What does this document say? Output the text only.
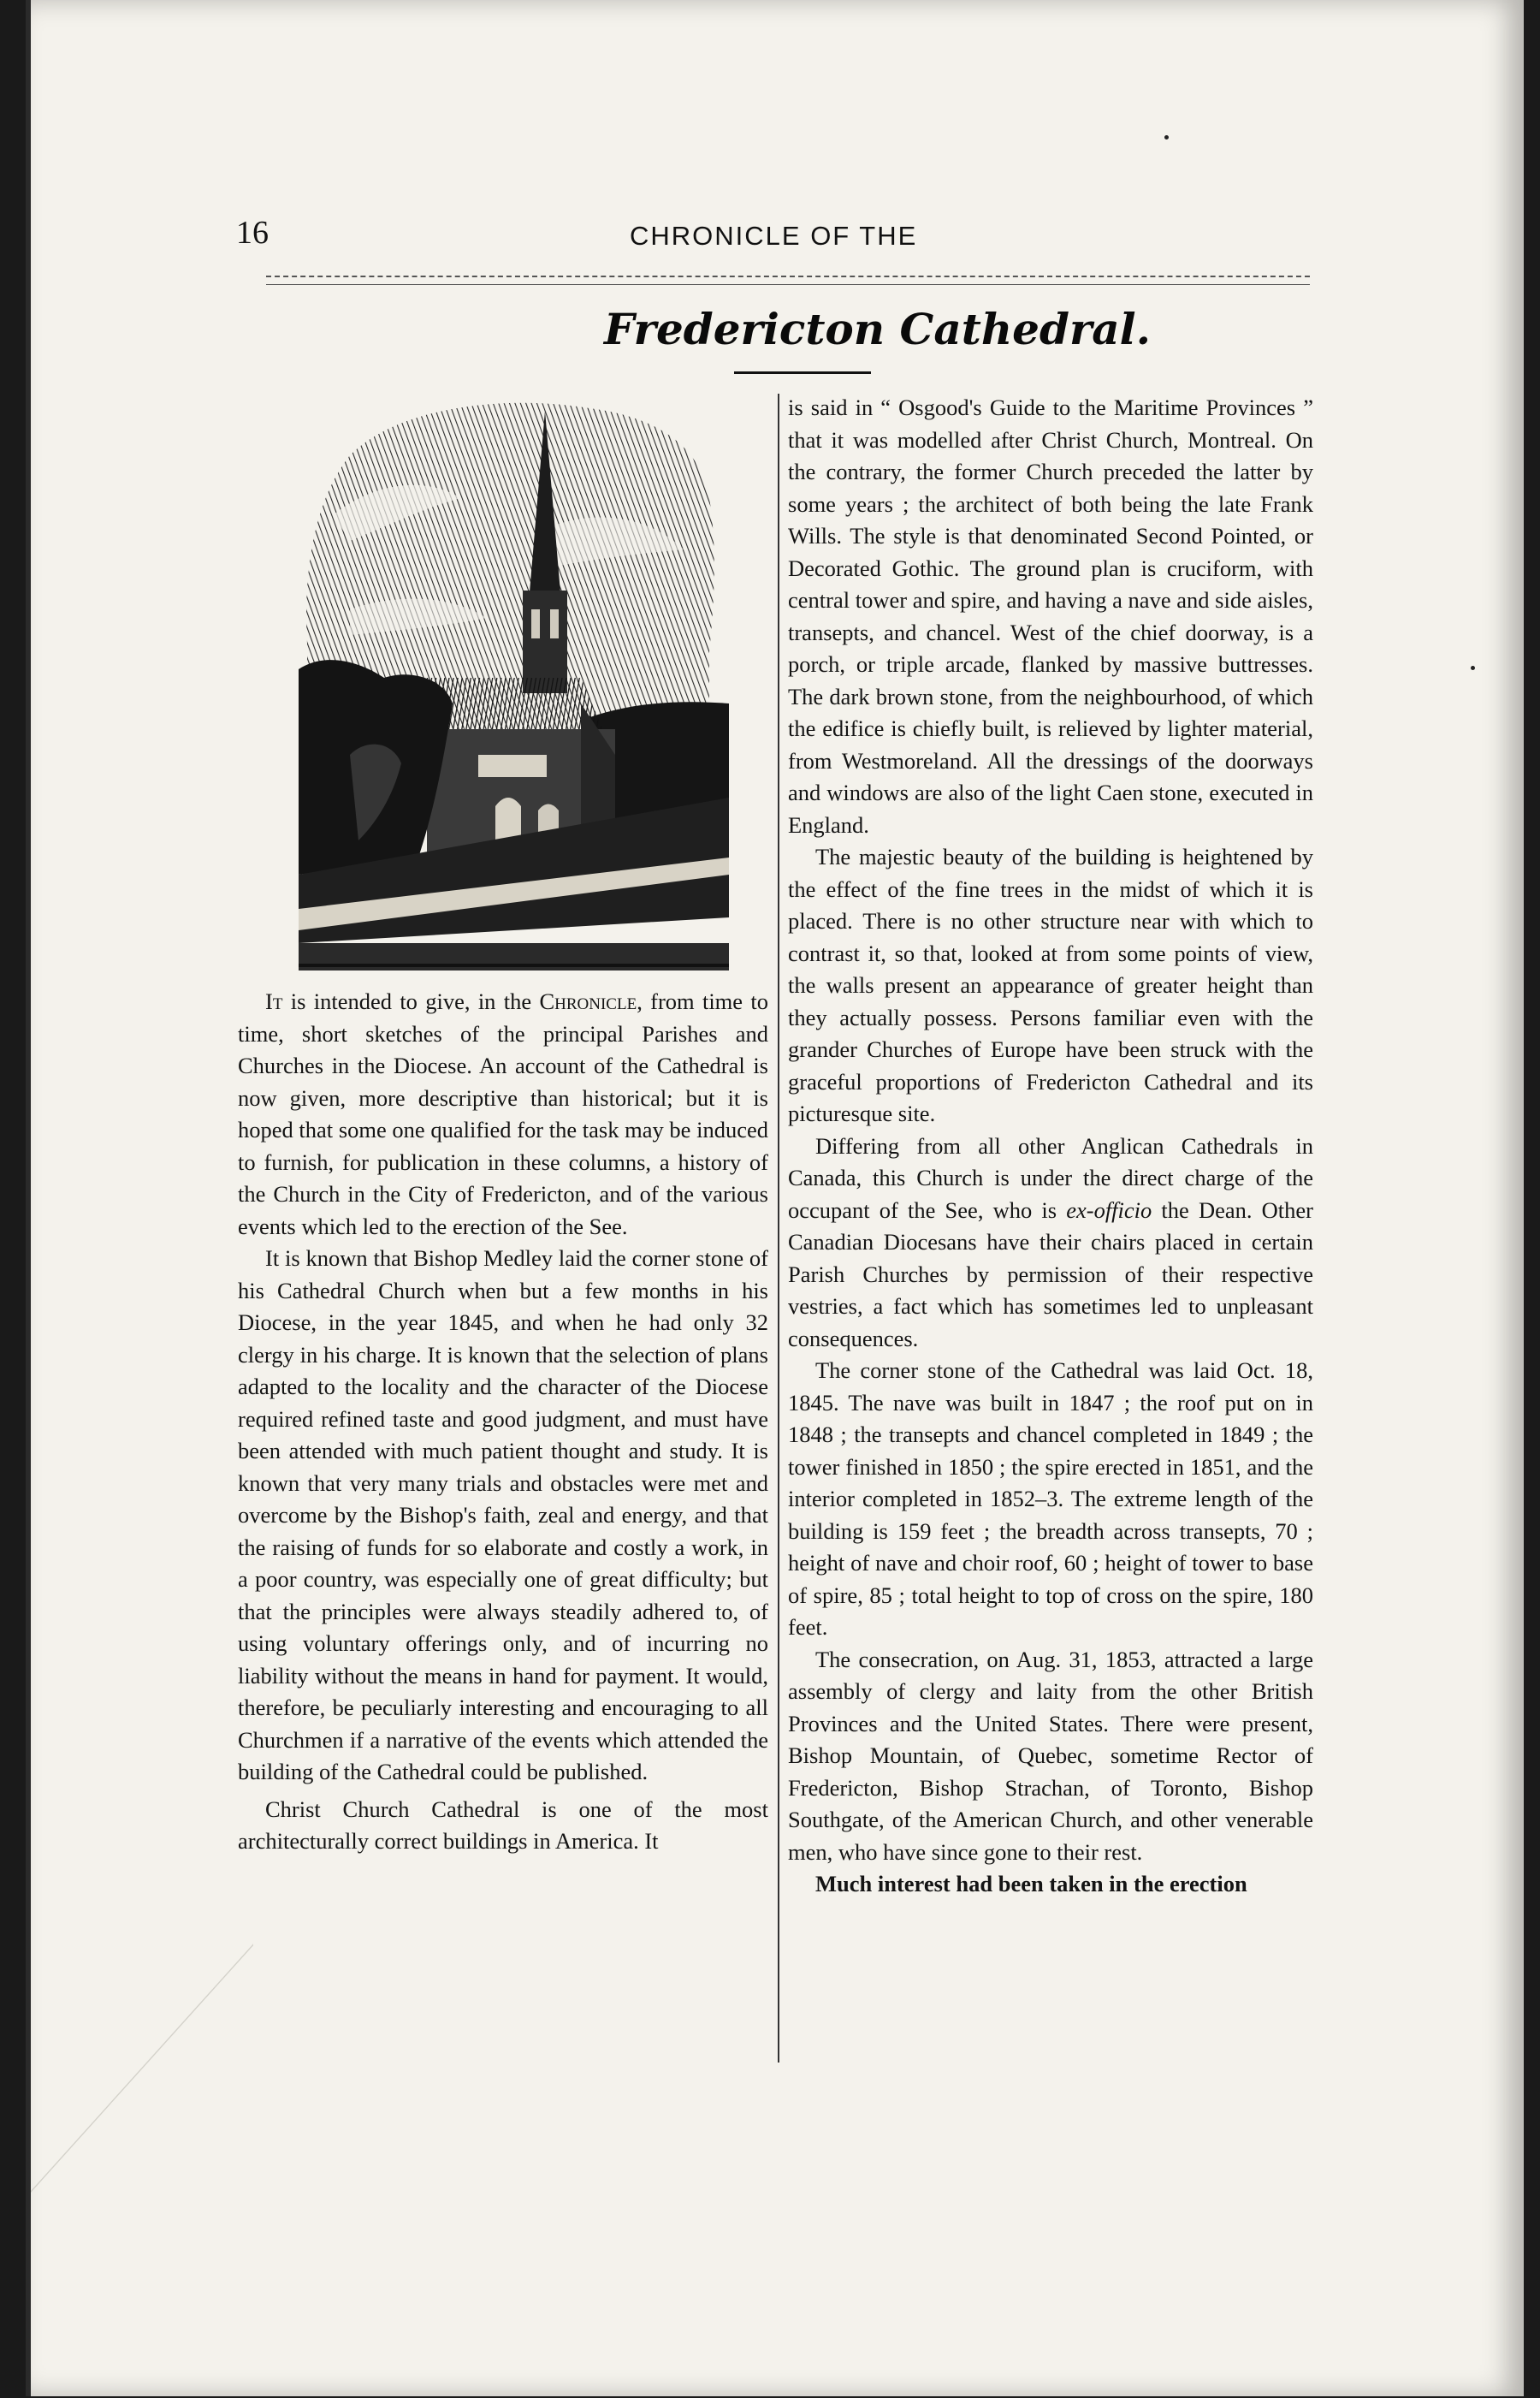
16	CHRONICLE OF THE
Fredericton Cathedral.

It is intended to give, in the Chronicle, from time to time, short sketches of the principal Parishes and Churches in the Diocese. An account of the Cathedral is now given, more descriptive than historical; but it is hoped that some one qualified for the task may be induced to furnish, for publication in these columns, a history of the Church in the City of Fredericton, and of the various events which led to the erection of the See.

It is known that Bishop Medley laid the corner stone of his Cathedral Church when but a few months in his Diocese, in the year 1845, and when he had only 32 clergy in his charge. It is known that the selection of plans adapted to the locality and the character of the Diocese required refined taste and good judgment, and must have been attended with much patient thought and study. It is known that very many trials and obstacles were met and overcome by the Bishop's faith, zeal and energy, and that the raising of funds for so elaborate and costly a work, in a poor country, was especially one of great difficulty; but that the principles were always steadily adhered to, of using voluntary offerings only, and of incurring no liability without the means in hand for payment. It would, therefore, be peculiarly interesting and encouraging to all Churchmen if a narrative of the events which attended the building of the Cathedral could be published.

Christ Church Cathedral is one of the most architecturally correct buildings in America. It

is said in “ Osgood's Guide to the Maritime Provinces ” that it was modelled after Christ Church, Montreal. On the contrary, the former Church preceded the latter by some years ; the architect of both being the late Frank Wills. The style is that denominated Second Pointed, or Decorated Gothic. The ground plan is cruciform, with central tower and spire, and having a nave and side aisles, transepts, and chancel. West of the chief doorway, is a porch, or triple arcade, flanked by massive buttresses. The dark brown stone, from the neighbourhood, of which the edifice is chiefly built, is relieved by lighter material, from Westmoreland. All the dressings of the doorways and windows are also of the light Caen stone, executed in England.

The majestic beauty of the building is heightened by the effect of the fine trees in the midst of which it is placed. There is no other structure near with which to contrast it, so that, looked at from some points of view, the walls present an appearance of greater height than they actually possess. Persons familiar even with the grander Churches of Europe have been struck with the graceful proportions of Fredericton Cathedral and its picturesque site.

Differing from all other Anglican Cathedrals in Canada, this Church is under the direct charge of the occupant of the See, who is ex-officio the Dean. Other Canadian Diocesans have their chairs placed in certain Parish Churches by permission of their respective vestries, a fact which has sometimes led to unpleasant consequences.

The corner stone of the Cathedral was laid Oct. 18, 1845. The nave was built in 1847 ; the roof put on in 1848 ; the transepts and chancel completed in 1849 ; the tower finished in 1850 ; the spire erected in 1851, and the interior completed in 1852–3. The extreme length of the building is 159 feet ; the breadth across transepts, 70 ; height of nave and choir roof, 60 ; height of tower to base of spire, 85 ; total height to top of cross on the spire, 180 feet.

The consecration, on Aug. 31, 1853, attracted a large assembly of clergy and laity from the other British Provinces and the United States. There were present, Bishop Mountain, of Quebec, sometime Rector of Fredericton, Bishop Strachan, of Toronto, Bishop Southgate, of the American Church, and other venerable men, who have since gone to their rest.

Much interest had been taken in the erection
